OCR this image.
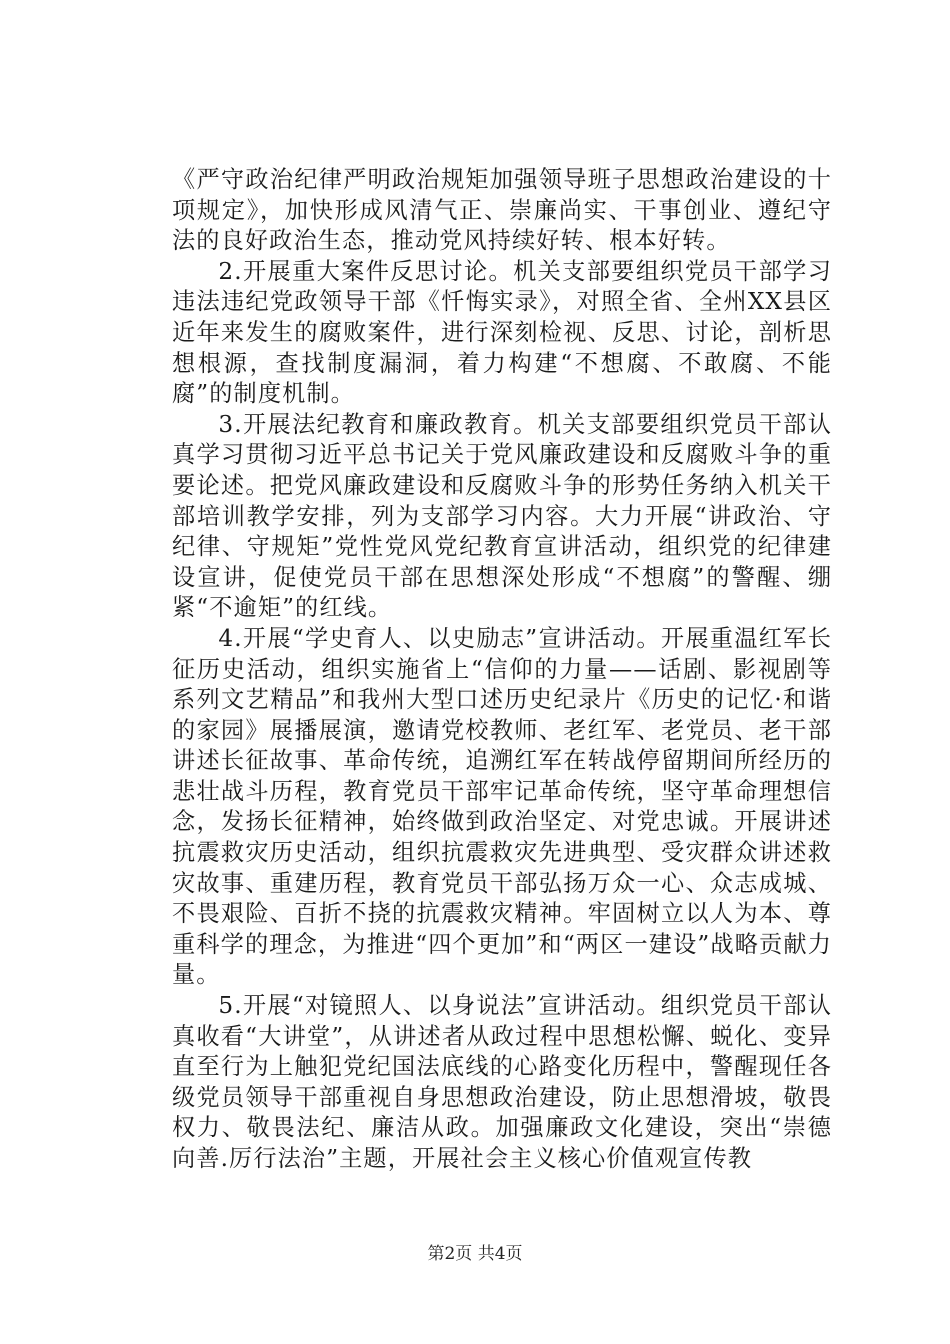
《严守政治纪律严明政治规矩加强领导班子思想政治建设的十项规定》，加快形成风清气正、崇廉尚实、干事创业、遵纪守法的良好政治生态，推动党风持续好转、根本好转。

2.开展重大案件反思讨论。机关支部要组织党员干部学习违法违纪党政领导干部《忏悔实录》，对照全省、全州XX县区近年来发生的腐败案件，进行深刻检视、反思、讨论，剖析思想根源，查找制度漏洞，着力构建“不想腐、不敢腐、不能腐”的制度机制。

3.开展法纪教育和廉政教育。机关支部要组织党员干部认真学习贯彻习近平总书记关于党风廉政建设和反腐败斗争的重要论述。把党风廉政建设和反腐败斗争的形势任务纳入机关干部培训教学安排，列为支部学习内容。大力开展“讲政治、守纪律、守规矩”党性党风党纪教育宣讲活动，组织党的纪律建设宣讲，促使党员干部在思想深处形成“不想腐”的警醒、绷紧“不逾矩”的红线。

4.开展“学史育人、以史励志”宣讲活动。开展重温红军长征历史活动，组织实施省上“信仰的力量——话剧、影视剧等系列文艺精品”和我州大型口述历史纪录片《历史的记忆·和谐的家园》展播展演，邀请党校教师、老红军、老党员、老干部讲述长征故事、革命传统，追溯红军在转战停留期间所经历的悲壮战斗历程，教育党员干部牢记革命传统，坚守革命理想信念，发扬长征精神，始终做到政治坚定、对党忠诚。开展讲述抗震救灾历史活动，组织抗震救灾先进典型、受灾群众讲述救灾故事、重建历程，教育党员干部弘扬万众一心、众志成城、不畏艰险、百折不挠的抗震救灾精神。牢固树立以人为本、尊重科学的理念，为推进“四个更加”和“两区一建设”战略贡献力量。

5.开展“对镜照人、以身说法”宣讲活动。组织党员干部认真收看“大讲堂”，从讲述者从政过程中思想松懈、蜕化、变异直至行为上触犯党纪国法底线的心路变化历程中，警醒现任各级党员领导干部重视自身思想政治建设，防止思想滑坡，敬畏权力、敬畏法纪、廉洁从政。加强廉政文化建设，突出“崇德向善.厉行法治”主题，开展社会主义核心价值观宣传教

第2页 共4页
